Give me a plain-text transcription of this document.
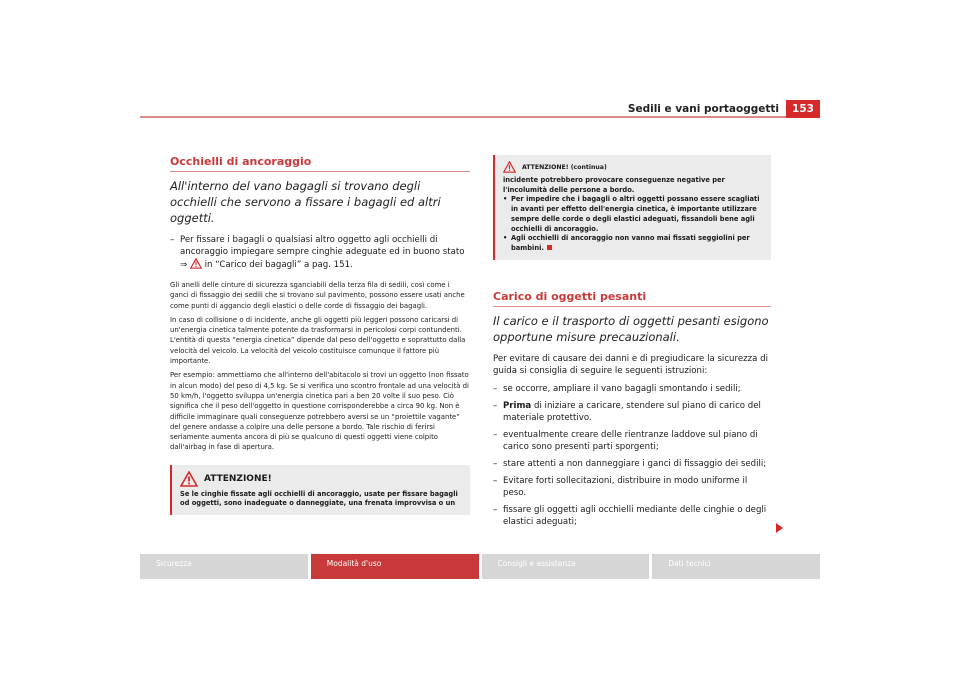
Sedili e vani portaoggetti	153
Occhielli di ancoraggio
All'interno del vano bagagli si trovano degli occhielli che servono a fissare i bagagli ed altri oggetti.
– Per fissare i bagagli o qualsiasi altro oggetto agli occhielli di ancoraggio impiegare sempre cinghie adeguate ed in buono stato ⇒ in “Carico dei bagagli” a pag. 151.

Gli anelli delle cinture di sicurezza sganciabili della terza fila di sedili, così come i ganci di fissaggio dei sedili che si trovano sul pavimento, possono essere usati anche come punti di aggancio degli elastici o delle corde di fissaggio dei bagagli.

In caso di collisione o di incidente, anche gli oggetti più leggeri possono caricarsi di un'energia cinetica talmente potente da trasformarsi in pericolosi corpi contundenti. L'entità di questa “energia cinetica” dipende dal peso dell'oggetto e soprattutto dalla velocità del veicolo. La velocità del veicolo costituisce comunque il fattore più importante.

Per esempio: ammettiamo che all'interno dell'abitacolo si trovi un oggetto (non fissato in alcun modo) del peso di 4,5 kg. Se si verifica uno scontro frontale ad una velocità di 50 km/h, l'oggetto sviluppa un'energia cinetica pari a ben 20 volte il suo peso. Ciò significa che il peso dell'oggetto in questione corrisponderebbe a circa 90 kg. Non è difficile immaginare quali conseguenze potrebbero aversi se un “proiettile vagante” del genere andasse a colpire una delle persone a bordo. Tale rischio di ferirsi seriamente aumenta ancora di più se qualcuno di questi oggetti viene colpito dall'airbag in fase di apertura.

ATTENZIONE!
Se le cinghie fissate agli occhielli di ancoraggio, usate per fissare bagagli od oggetti, sono inadeguate o danneggiate, una frenata improvvisa o un
ATTENZIONE! (continua)
incidente potrebbero provocare conseguenze negative per l'incolumità delle persone a bordo.
• Per impedire che i bagagli o altri oggetti possano essere scagliati in avanti per effetto dell'energia cinetica, è importante utilizzare sempre delle corde o degli elastici adeguati, fissandoli bene agli occhielli di ancoraggio.
• Agli occhielli di ancoraggio non vanno mai fissati seggiolini per bambini.
Carico di oggetti pesanti
Il carico e il trasporto di oggetti pesanti esigono opportune misure precauzionali.

Per evitare di causare dei danni e di pregiudicare la sicurezza di guida si consiglia di seguire le seguenti istruzioni:

– se occorre, ampliare il vano bagagli smontando i sedili;
– Prima di iniziare a caricare, stendere sul piano di carico del materiale protettivo.
– eventualmente creare delle rientranze laddove sul piano di carico sono presenti parti sporgenti;
– stare attenti a non danneggiare i ganci di fissaggio dei sedili;
– Evitare forti sollecitazioni, distribuire in modo uniforme il peso.
– fissare gli oggetti agli occhielli mediante delle cinghie o degli elastici adeguati;
Sicurezza	Modalità d'uso	Consigli e assistenza	Dati tecnici
